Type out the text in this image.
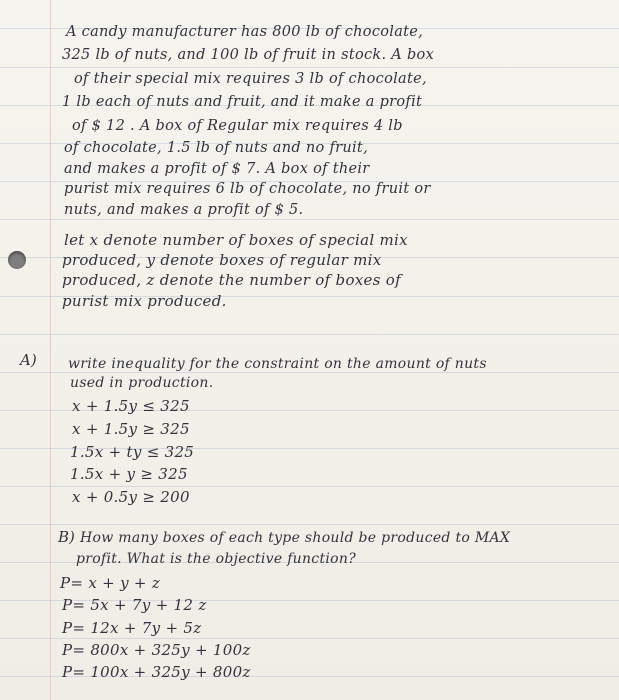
A candy manufacturer has 800 lb of chocolate,
325 lb of nuts, and 100 lb of fruit in stock. A box
of their special mix requires 3 lb of chocolate,
1 lb each of nuts and fruit, and it make a profit
of $ 12 . A box of Regular mix requires 4 lb
of chocolate, 1.5 lb of nuts and no fruit,
and makes a profit of $ 7. A box of their
purist mix requires 6 lb of chocolate, no fruit or
nuts, and makes a profit of $ 5.
let x denote number of boxes of special mix
produced, y denote boxes of regular mix
produced, z denote the number of boxes of
purist mix produced.
A) write inequality for the constraint on the amount of nuts
used in production.
x + 1.5y ≤ 325
x + 1.5y ≥ 325
1.5x + ty ≤ 325
1.5x + y ≥ 325
x + 0.5y ≥ 200
B) How many boxes of each type should be produced to MAX
profit. What is the objective function?
P= x + y + z
P= 5x + 7y + 12 z
P= 12x + 7y + 5z
P= 800x + 325y + 100z
P= 100x + 325y + 800z
